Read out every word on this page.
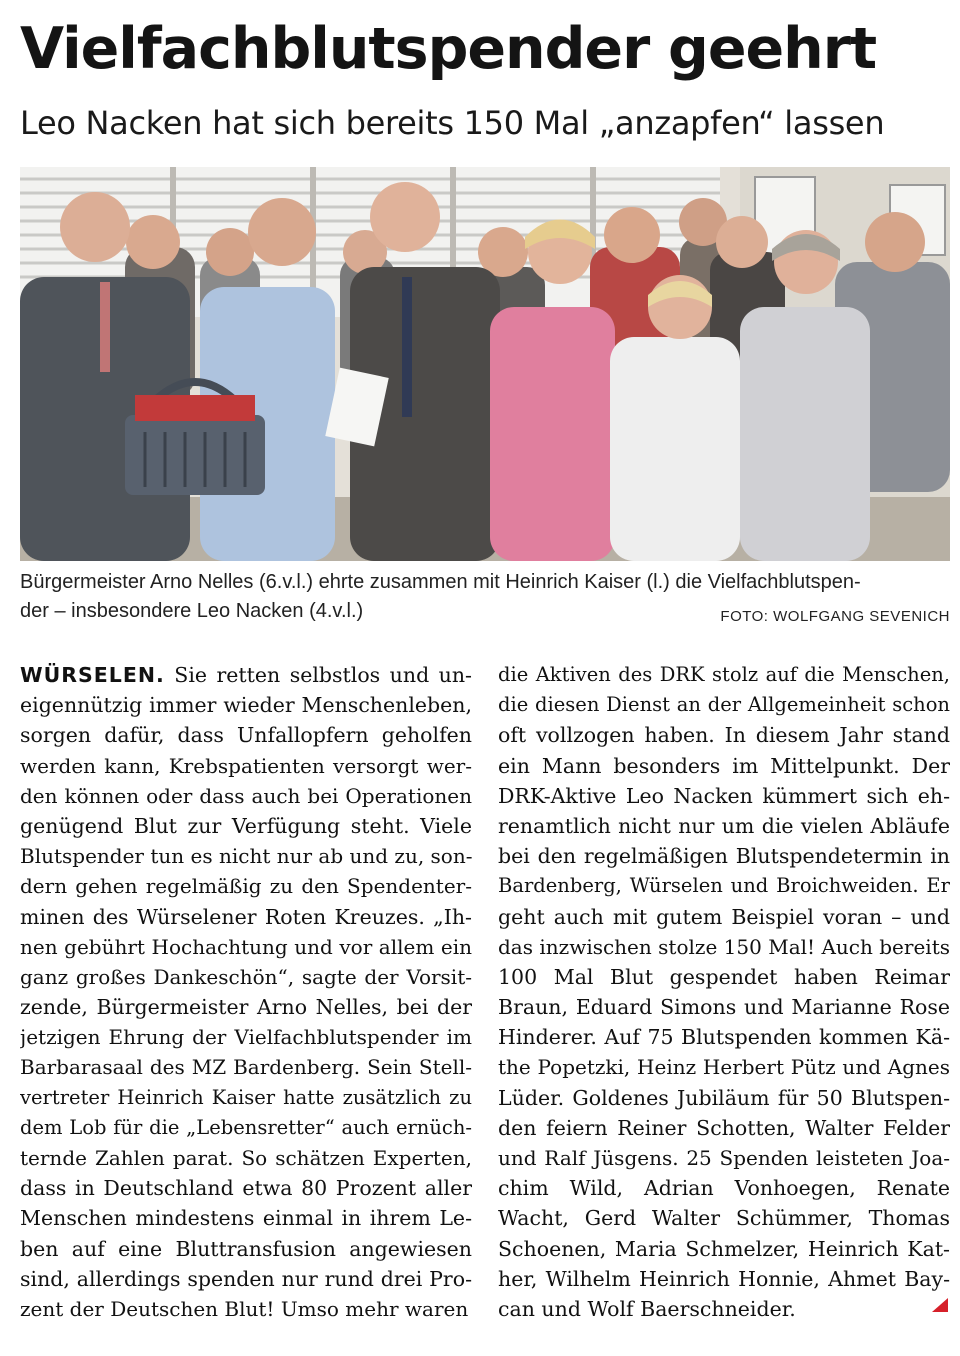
Vielfachblutspender geehrt
Leo Nacken hat sich bereits 150 Mal „anzapfen“ lassen
Bürgermeister Arno Nelles (6.v.l.) ehrte zusammen mit Heinrich Kaiser (l.) die Vielfachblutspen-
der – insbesondere Leo Nacken (4.v.l.)	FOTO: WOLFGANG SEVENICH
WÜRSELEN. Sie retten selbstlos und un-
eigennützig immer wieder Menschenleben,
sorgen dafür, dass Unfallopfern geholfen
werden kann, Krebspatienten versorgt wer-
den können oder dass auch bei Operationen
genügend Blut zur Verfügung steht. Viele
Blutspender tun es nicht nur ab und zu, son-
dern gehen regelmäßig zu den Spendenter-
minen des Würselener Roten Kreuzes. „Ih-
nen gebührt Hochachtung und vor allem ein
ganz großes Dankeschön“, sagte der Vorsit-
zende, Bürgermeister Arno Nelles, bei der
jetzigen Ehrung der Vielfachblutspender im
Barbarasaal des MZ Bardenberg. Sein Stell-
vertreter Heinrich Kaiser hatte zusätzlich zu
dem Lob für die „Lebensretter“ auch ernüch-
ternde Zahlen parat. So schätzen Experten,
dass in Deutschland etwa 80 Prozent aller
Menschen mindestens einmal in ihrem Le-
ben auf eine Bluttransfusion angewiesen
sind, allerdings spenden nur rund drei Pro-
zent der Deutschen Blut! Umso mehr waren
die Aktiven des DRK stolz auf die Menschen,
die diesen Dienst an der Allgemeinheit schon
oft vollzogen haben. In diesem Jahr stand
ein Mann besonders im Mittelpunkt. Der
DRK-Aktive Leo Nacken kümmert sich eh-
renamtlich nicht nur um die vielen Abläufe
bei den regelmäßigen Blutspendetermin in
Bardenberg, Würselen und Broichweiden. Er
geht auch mit gutem Beispiel voran – und
das inzwischen stolze 150 Mal! Auch bereits
100 Mal Blut gespendet haben Reimar
Braun, Eduard Simons und Marianne Rose
Hinderer. Auf 75 Blutspenden kommen Kä-
the Popetzki, Heinz Herbert Pütz und Agnes
Lüder. Goldenes Jubiläum für 50 Blutspen-
den feiern Reiner Schotten, Walter Felder
und Ralf Jüsgens. 25 Spenden leisteten Joa-
chim Wild, Adrian Vonhoegen, Renate
Wacht, Gerd Walter Schümmer, Thomas
Schoenen, Maria Schmelzer, Heinrich Kat-
her, Wilhelm Heinrich Honnie, Ahmet Bay-
can und Wolf Baerschneider.
